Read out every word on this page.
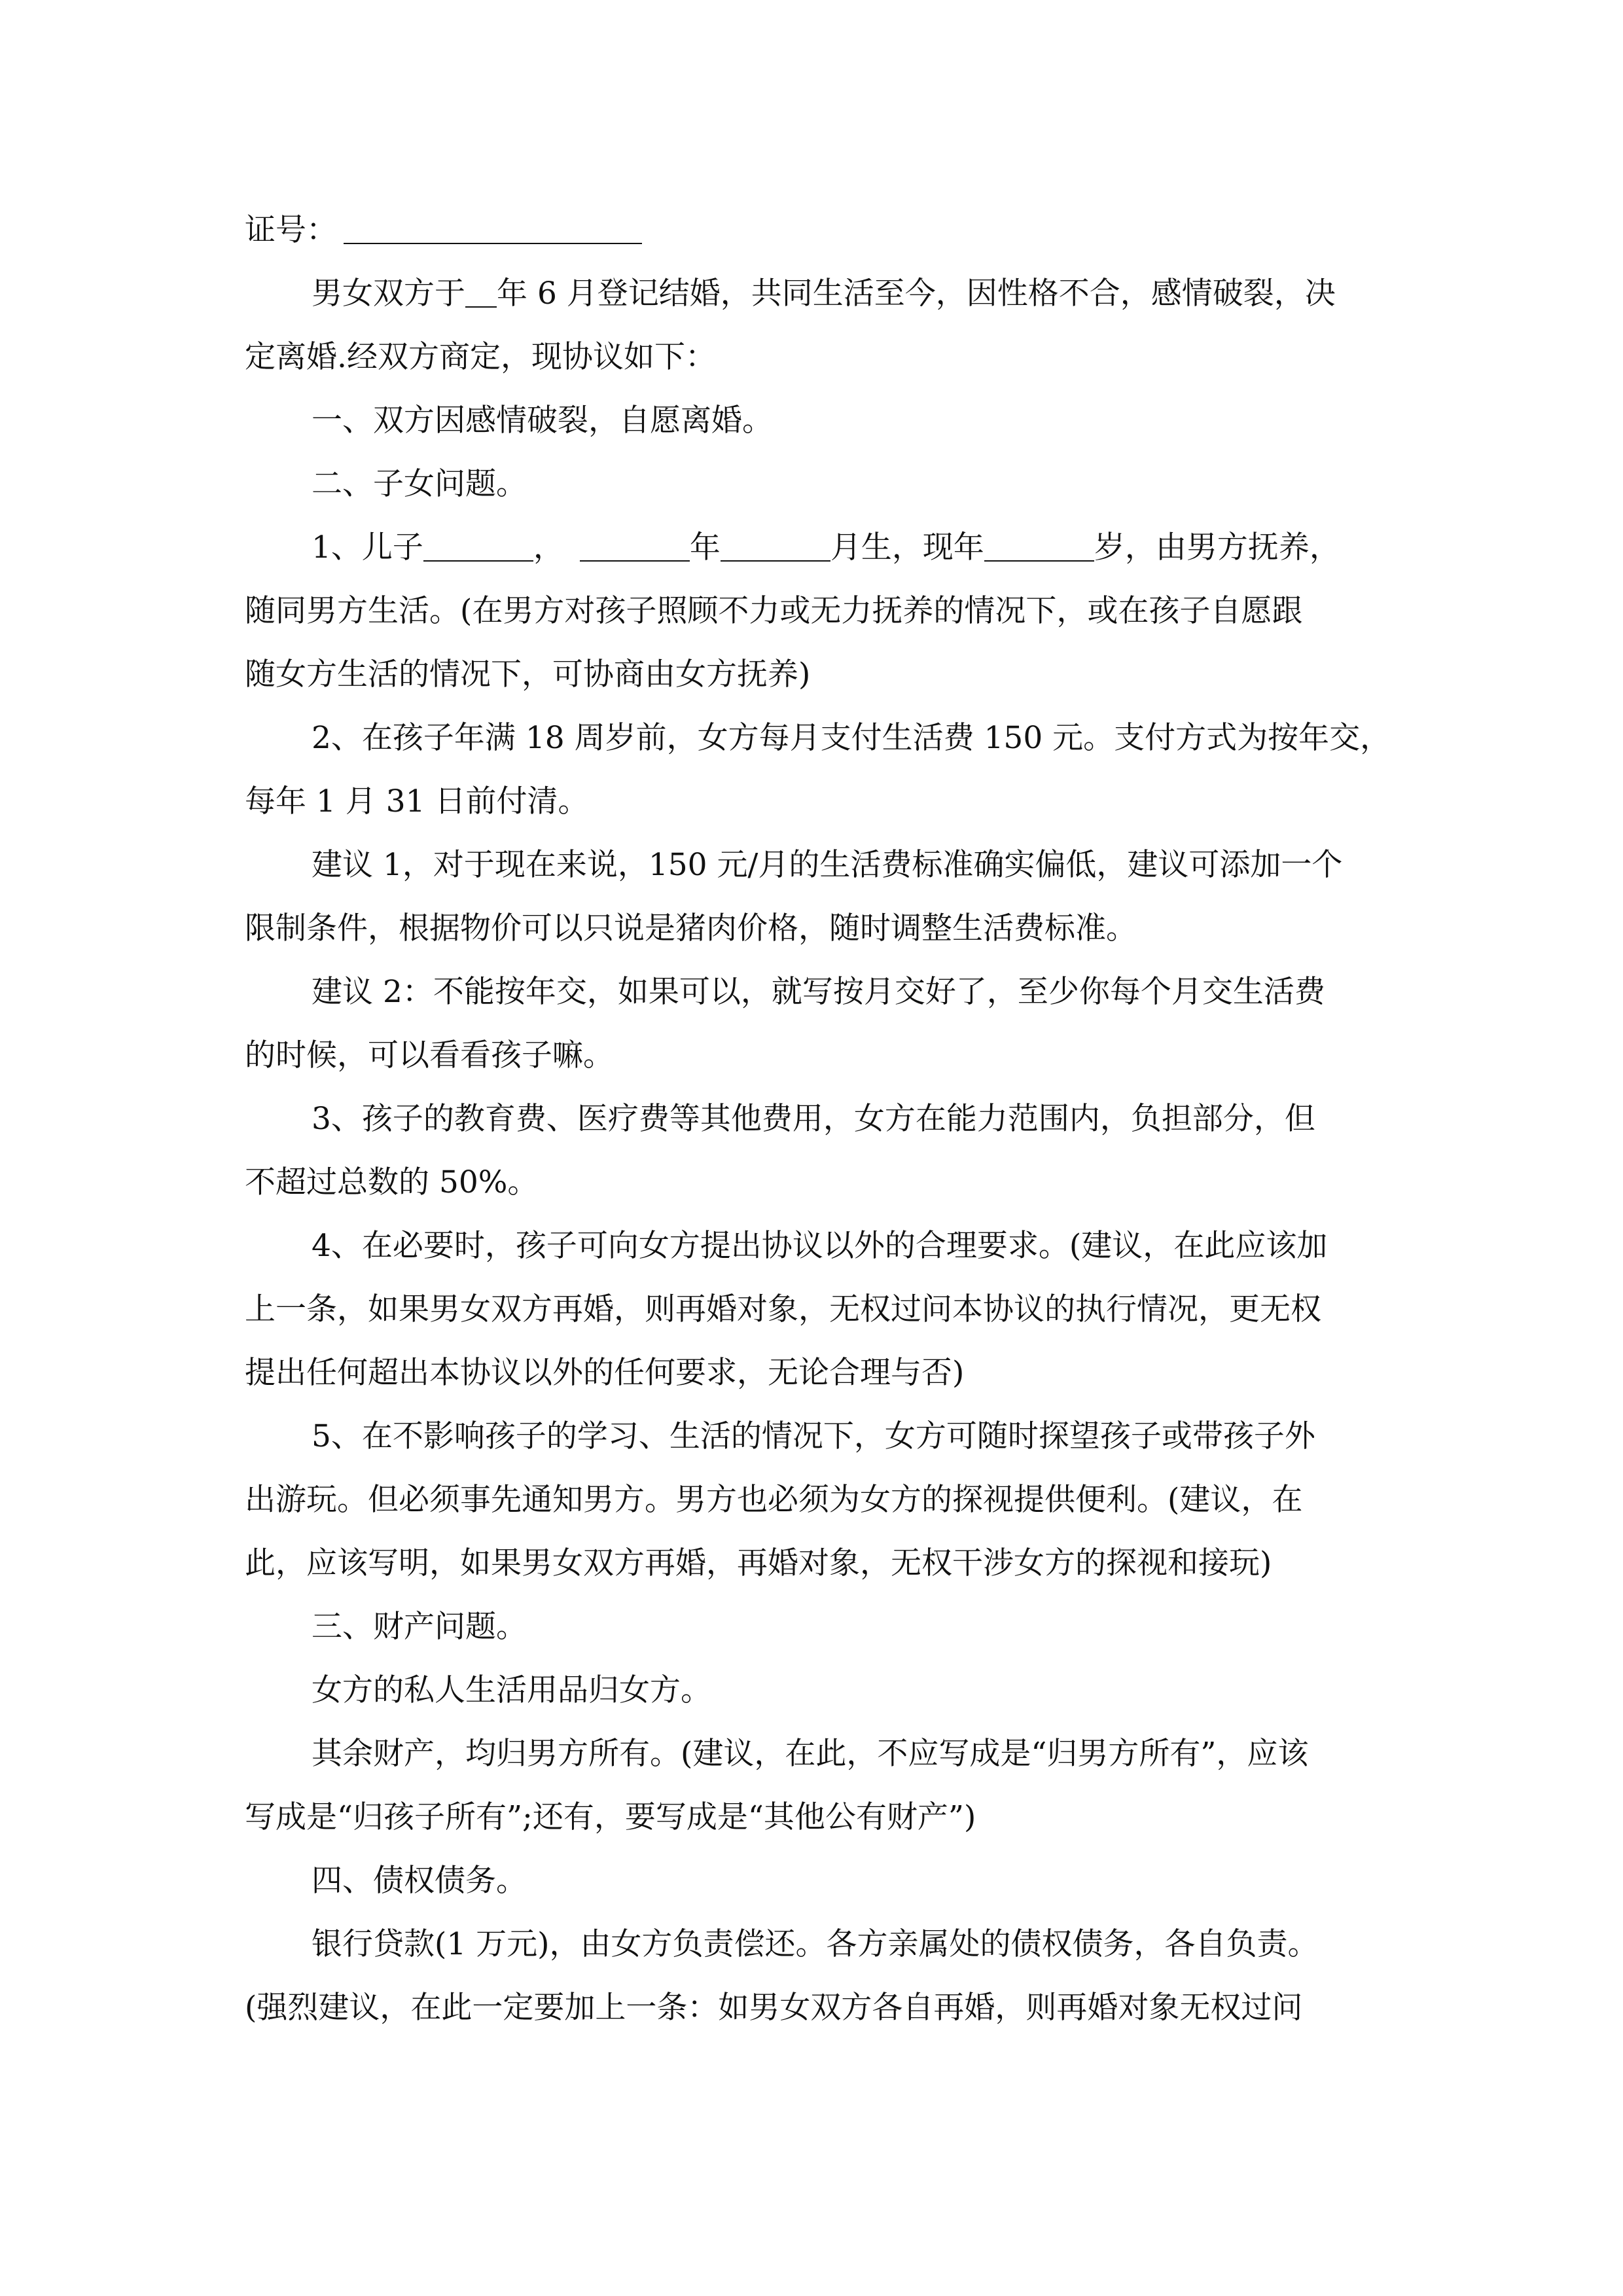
证号：
男女双方于 年 6 月登记结婚，共同生活至今，因性格不合，感情破裂，决
定离婚.经双方商定，现协议如下：
一、双方因感情破裂，自愿离婚。
二、子女问题。
1、儿子	，	年	月生，现年	岁，由男方抚养，
随同男方生活。(在男方对孩子照顾不力或无力抚养的情况下，或在孩子自愿跟
随女方生活的情况下，可协商由女方抚养)
2、在孩子年满 18 周岁前，女方每月支付生活费 150 元。支付方式为按年交，
每年 1 月 31 日前付清。
建议 1，对于现在来说，150 元/月的生活费标准确实偏低，建议可添加一个
限制条件，根据物价可以只说是猪肉价格，随时调整生活费标准。
建议 2：不能按年交，如果可以，就写按月交好了，至少你每个月交生活费
的时候，可以看看孩子嘛。
3、孩子的教育费、医疗费等其他费用，女方在能力范围内，负担部分，但
不超过总数的 50%。
4、在必要时，孩子可向女方提出协议以外的合理要求。(建议，在此应该加
上一条，如果男女双方再婚，则再婚对象，无权过问本协议的执行情况，更无权
提出任何超出本协议以外的任何要求，无论合理与否)
5、在不影响孩子的学习、生活的情况下，女方可随时探望孩子或带孩子外
出游玩。但必须事先通知男方。男方也必须为女方的探视提供便利。(建议，在
此，应该写明，如果男女双方再婚，再婚对象，无权干涉女方的探视和接玩)
三、财产问题。
女方的私人生活用品归女方。
其余财产，均归男方所有。(建议，在此，不应写成是“归男方所有”，应该
写成是“归孩子所有”;还有，要写成是“其他公有财产”)
四、债权债务。
银行贷款(1 万元)，由女方负责偿还。各方亲属处的债权债务，各自负责。
(强烈建议，在此一定要加上一条：如男女双方各自再婚，则再婚对象无权过问
